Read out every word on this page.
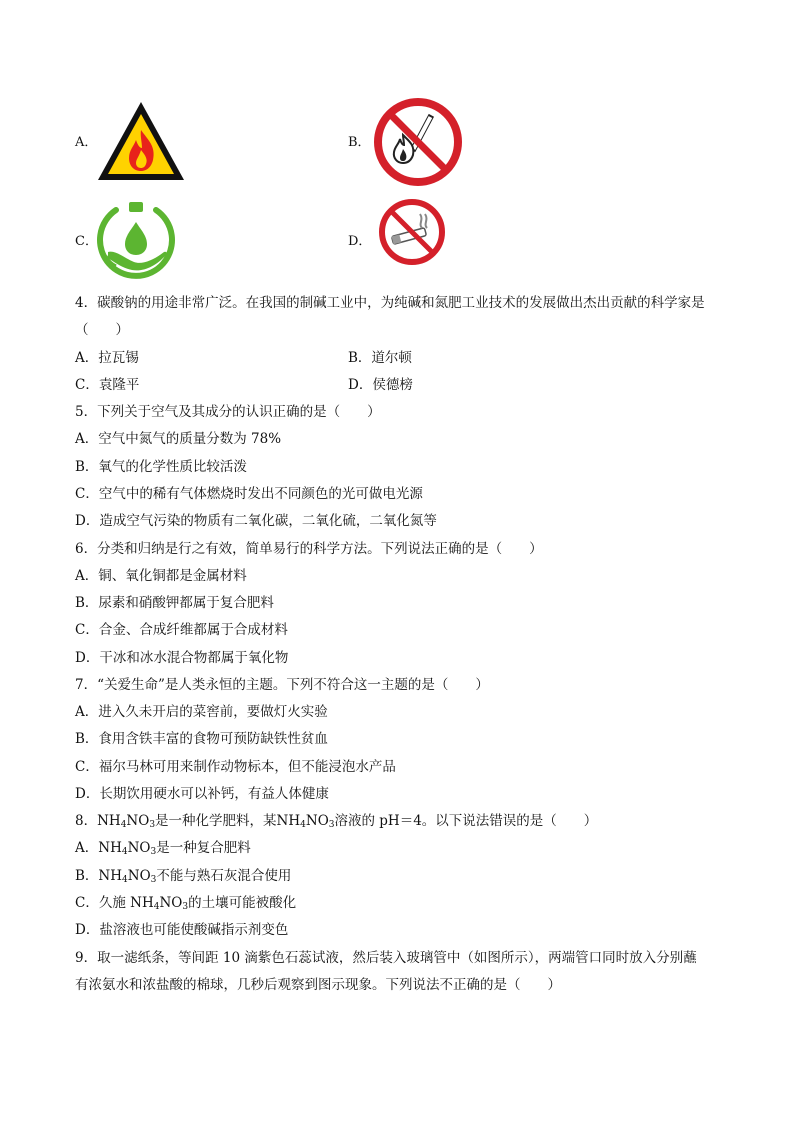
A．	B．
C．	D．
4．碳酸钠的用途非常广泛。在我国的制碱工业中，为纯碱和氮肥工业技术的发展做出杰出贡献的科学家是
（　　）
A．拉瓦锡	B．道尔顿
C．袁隆平	D．侯德榜
5．下列关于空气及其成分的认识正确的是（　　）
A．空气中氮气的质量分数为 78%
B．氧气的化学性质比较活泼
C．空气中的稀有气体燃烧时发出不同颜色的光可做电光源
D．造成空气污染的物质有二氧化碳，二氧化硫，二氧化氮等
6．分类和归纳是行之有效，简单易行的科学方法。下列说法正确的是（　　）
A．铜、氧化铜都是金属材料
B．尿素和硝酸钾都属于复合肥料
C．合金、合成纤维都属于合成材料
D．干冰和冰水混合物都属于氧化物
7．“关爱生命”是人类永恒的主题。下列不符合这一主题的是（　　）
A．进入久未开启的菜窖前，要做灯火实验
B．食用含铁丰富的食物可预防缺铁性贫血
C．福尔马林可用来制作动物标本，但不能浸泡水产品
D．长期饮用硬水可以补钙，有益人体健康
8．$NH_4NO_3$是一种化学肥料，某$NH_4NO_3$溶液的 pH＝4。以下说法错误的是（　　）
A．$NH_4NO_3$是一种复合肥料
B．$NH_4NO_3$不能与熟石灰混合使用
C．久施 $NH_4NO_3$的土壤可能被酸化
D．盐溶液也可能使酸碱指示剂变色
9．取一滤纸条，等间距 10 滴紫色石蕊试液，然后装入玻璃管中（如图所示），两端管口同时放入分别蘸
有浓氨水和浓盐酸的棉球，几秒后观察到图示现象。下列说法不正确的是（　　）
